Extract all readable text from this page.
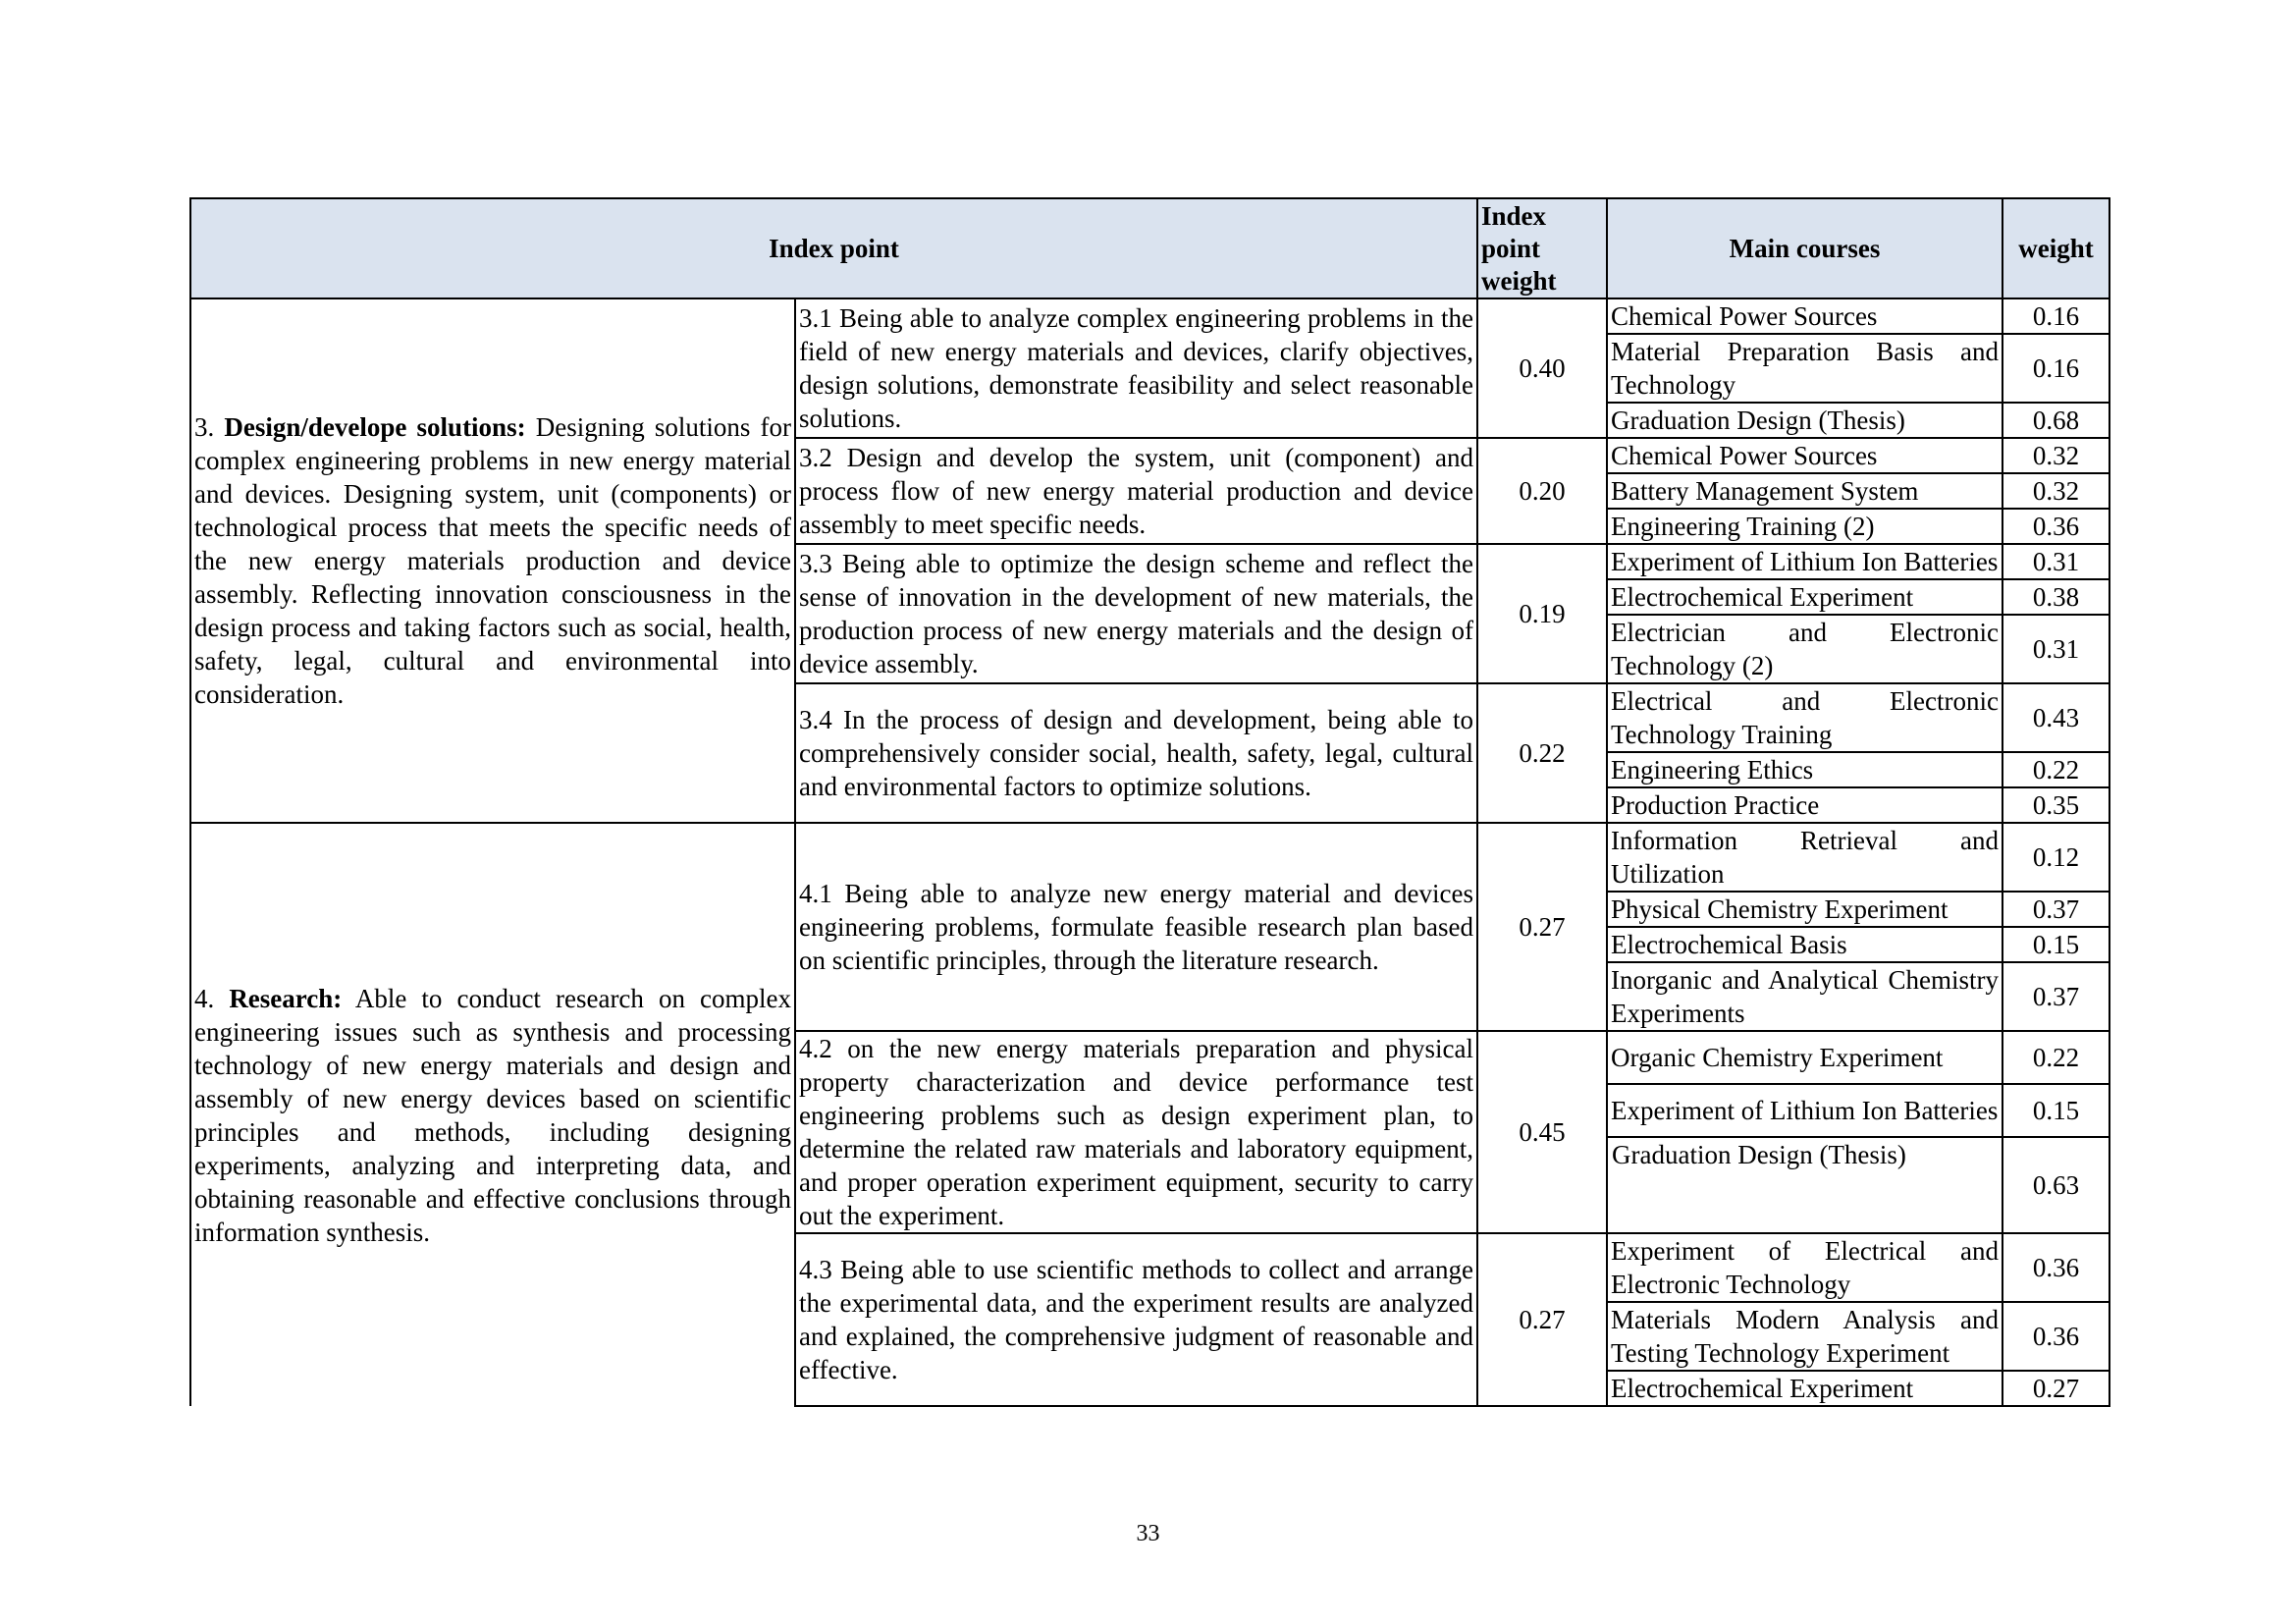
Index point		Index point weight	Main courses	weight
3. Design/develope solutions: Designing solutions for complex engineering problems in new energy material and devices. Designing system, unit (components) or technological process that meets the specific needs of the new energy materials production and device assembly. Reflecting innovation consciousness in the design process and taking factors such as social, health, safety, legal, cultural and environmental into consideration.	3.1 Being able to analyze complex engineering problems in the field of new energy materials and devices, clarify objectives, design solutions, demonstrate feasibility and select reasonable solutions.	0.40	Chemical Power Sources	0.16
			Material Preparation Basis and Technology	0.16
			Graduation Design (Thesis)	0.68
	3.2 Design and develop the system, unit (component) and process flow of new energy material production and device assembly to meet specific needs.	0.20	Chemical Power Sources	0.32
			Battery Management System	0.32
			Engineering Training (2)	0.36
	3.3 Being able to optimize the design scheme and reflect the sense of innovation in the development of new materials, the production process of new energy materials and the design of device assembly.	0.19	Experiment of Lithium Ion Batteries	0.31
			Electrochemical Experiment	0.38
			Electrician and Electronic Technology (2)	0.31
	3.4 In the process of design and development, being able to comprehensively consider social, health, safety, legal, cultural and environmental factors to optimize solutions.	0.22	Electrical and Electronic Technology Training	0.43
			Engineering Ethics	0.22
			Production Practice	0.35
4. Research: Able to conduct research on complex engineering issues such as synthesis and processing technology of new energy materials and design and assembly of new energy devices based on scientific principles and methods, including designing experiments, analyzing and interpreting data, and obtaining reasonable and effective conclusions through information synthesis.	4.1 Being able to analyze new energy material and devices engineering problems, formulate feasible research plan based on scientific principles, through the literature research.	0.27	Information Retrieval and Utilization	0.12
			Physical Chemistry Experiment	0.37
			Electrochemical Basis	0.15
			Inorganic and Analytical Chemistry Experiments	0.37
	4.2 on the new energy materials preparation and physical property characterization and device performance test engineering problems such as design experiment plan, to determine the related raw materials and laboratory equipment, and proper operation experiment equipment, security to carry out the experiment.	0.45	Organic Chemistry Experiment	0.22
			Experiment of Lithium Ion Batteries	0.15
			Graduation Design (Thesis)	0.63
	4.3 Being able to use scientific methods to collect and arrange the experimental data, and the experiment results are analyzed and explained, the comprehensive judgment of reasonable and effective.	0.27	Experiment of Electrical and Electronic Technology	0.36
			Materials Modern Analysis and Testing Technology Experiment	0.36
			Electrochemical Experiment	0.27
33
